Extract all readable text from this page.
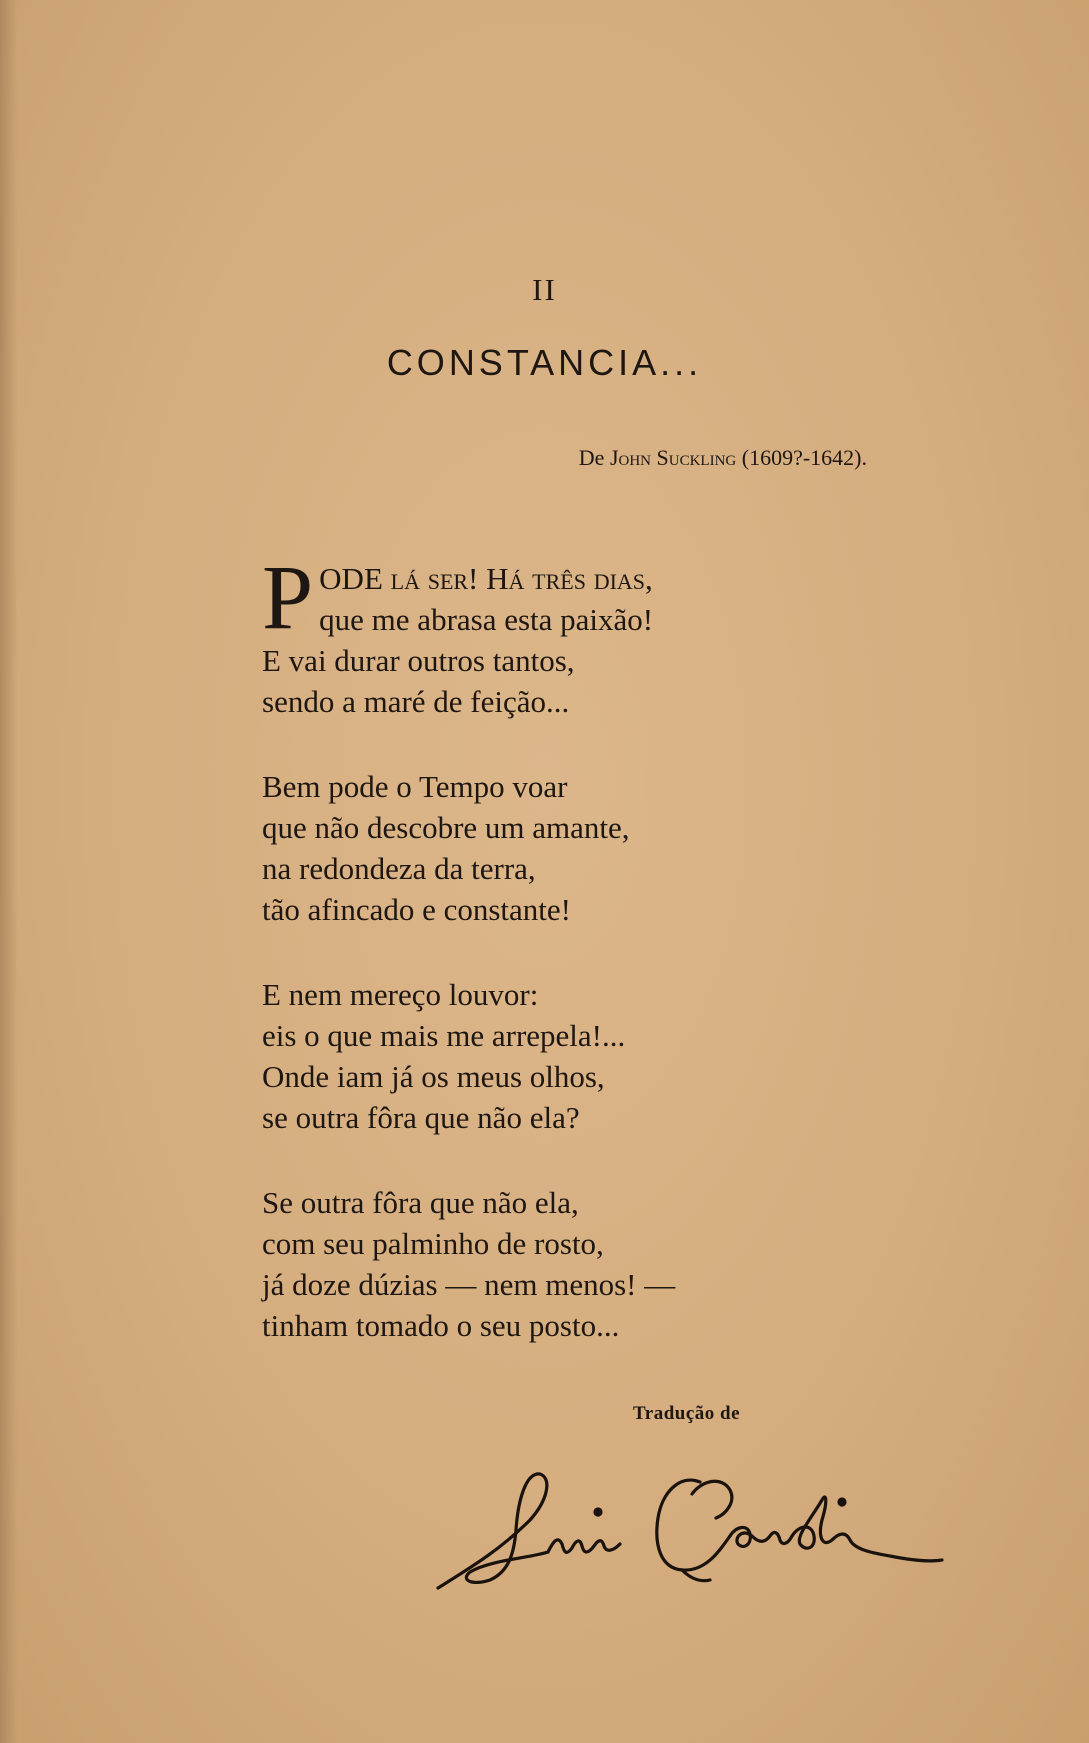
II
CONSTANCIA...
De John Suckling (1609?-1642).
P ODE lá ser! Há três dias,
que me abrasa esta paixão!
E vai durar outros tantos,
sendo a maré de feição...
Bem pode o Tempo voar
que não descobre um amante,
na redondeza da terra,
tão afincado e constante!
E nem mereço louvor:
eis o que mais me arrepela!...
Onde iam já os meus olhos,
se outra fôra que não ela?
Se outra fôra que não ela,
com seu palminho de rosto,
já doze dúzias — nem menos! —
tinham tomado o seu posto...
Tradução de
